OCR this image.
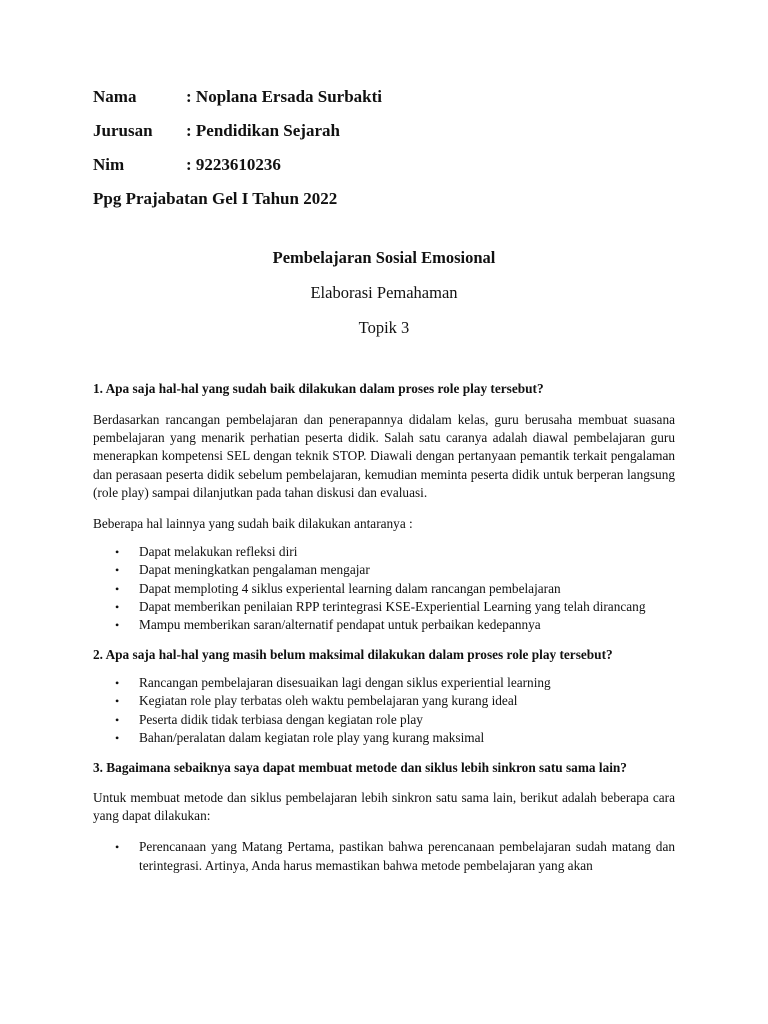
Nama	: Noplana Ersada Surbakti
Jurusan	: Pendidikan Sejarah
Nim	: 9223610236
Ppg Prajabatan Gel I Tahun 2022
Pembelajaran Sosial Emosional
Elaborasi Pemahaman
Topik 3
1. Apa saja hal-hal yang sudah baik dilakukan dalam proses role play tersebut?

Berdasarkan rancangan pembelajaran dan penerapannya didalam kelas, guru berusaha membuat suasana pembelajaran yang menarik perhatian peserta didik. Salah satu caranya adalah diawal pembelajaran guru menerapkan kompetensi SEL dengan teknik STOP. Diawali dengan pertanyaan pemantik terkait pengalaman dan perasaan peserta didik sebelum pembelajaran, kemudian meminta peserta didik untuk berperan langsung (role play) sampai dilanjutkan pada tahan diskusi dan evaluasi.

Beberapa hal lainnya yang sudah baik dilakukan antaranya :

• Dapat melakukan refleksi diri
• Dapat meningkatkan pengalaman mengajar
• Dapat memploting 4 siklus experiental learning dalam rancangan pembelajaran
• Dapat memberikan penilaian RPP terintegrasi KSE-Experiential Learning yang telah dirancang
• Mampu memberikan saran/alternatif pendapat untuk perbaikan kedepannya
2. Apa saja hal-hal yang masih belum maksimal dilakukan dalam proses role play tersebut?
• Rancangan pembelajaran disesuaikan lagi dengan siklus experiential learning
• Kegiatan role play terbatas oleh waktu pembelajaran yang kurang ideal
• Peserta didik tidak terbiasa dengan kegiatan role play
• Bahan/peralatan dalam kegiatan role play yang kurang maksimal
3. Bagaimana sebaiknya saya dapat membuat metode dan siklus lebih sinkron satu sama lain?

Untuk membuat metode dan siklus pembelajaran lebih sinkron satu sama lain, berikut adalah beberapa cara yang dapat dilakukan:

• Perencanaan yang Matang Pertama, pastikan bahwa perencanaan pembelajaran sudah matang dan terintegrasi. Artinya, Anda harus memastikan bahwa metode pembelajaran yang akan
